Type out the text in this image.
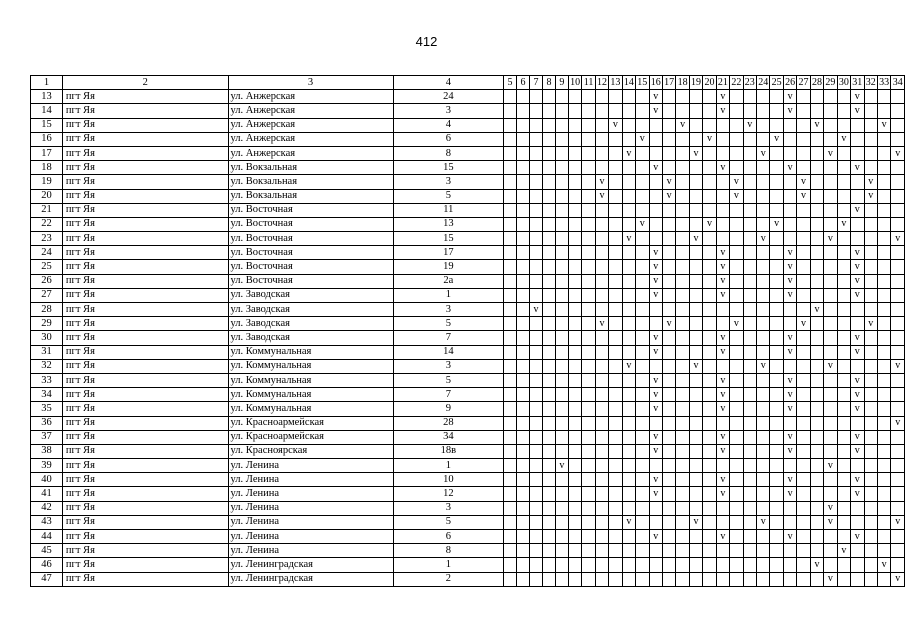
412
1	2	3	4	5	6	7	8	9	10	11	12	13	14	15	16	17	18	19	20	21	22	23	24	25	26	27	28	29	30	31	32	33	34
13	пгт Яя	ул. Анжерская	24												v					v					v					v			
14	пгт Яя	ул. Анжерская	3												v					v					v					v			
15	пгт Яя	ул. Анжерская	4									v					v					v					v					v	
16	пгт Яя	ул. Анжерская	6											v					v					v					v				
17	пгт Яя	ул. Анжерская	8										v					v					v					v					v
18	пгт Яя	ул. Вокзальная	15												v					v					v					v			
19	пгт Яя	ул. Вокзальная	3								v					v					v					v					v		
20	пгт Яя	ул. Вокзальная	5								v					v					v					v					v		
21	пгт Яя	ул. Восточная	11																											v			
22	пгт Яя	ул. Восточная	13											v					v					v					v				
23	пгт Яя	ул. Восточная	15										v					v					v					v					v
24	пгт Яя	ул. Восточная	17												v					v					v					v			
25	пгт Яя	ул. Восточная	19												v					v					v					v			
26	пгт Яя	ул. Восточная	2а												v					v					v					v			
27	пгт Яя	ул. Заводская	1												v					v					v					v			
28	пгт Яя	ул. Заводская	3			v																					v						
29	пгт Яя	ул. Заводская	5								v					v					v					v					v		
30	пгт Яя	ул. Заводская	7												v					v					v					v			
31	пгт Яя	ул. Коммунальная	14												v					v					v					v			
32	пгт Яя	ул. Коммунальная	3										v					v					v					v					v
33	пгт Яя	ул. Коммунальная	5												v					v					v					v			
34	пгт Яя	ул. Коммунальная	7												v					v					v					v			
35	пгт Яя	ул. Коммунальная	9												v					v					v					v			
36	пгт Яя	ул. Красноармейская	28																														v
37	пгт Яя	ул. Красноармейская	34												v					v					v					v			
38	пгт Яя	ул. Красноярская	18в												v					v					v					v			
39	пгт Яя	ул. Ленина	1					v																				v					
40	пгт Яя	ул. Ленина	10												v					v					v					v			
41	пгт Яя	ул. Ленина	12												v					v					v					v			
42	пгт Яя	ул. Ленина	3																									v					
43	пгт Яя	ул. Ленина	5										v					v					v					v					v
44	пгт Яя	ул. Ленина	6												v					v					v					v			
45	пгт Яя	ул. Ленина	8																										v				
46	пгт Яя	ул. Ленинградская	1																								v					v	
47	пгт Яя	ул. Ленинградская	2																									v					v
